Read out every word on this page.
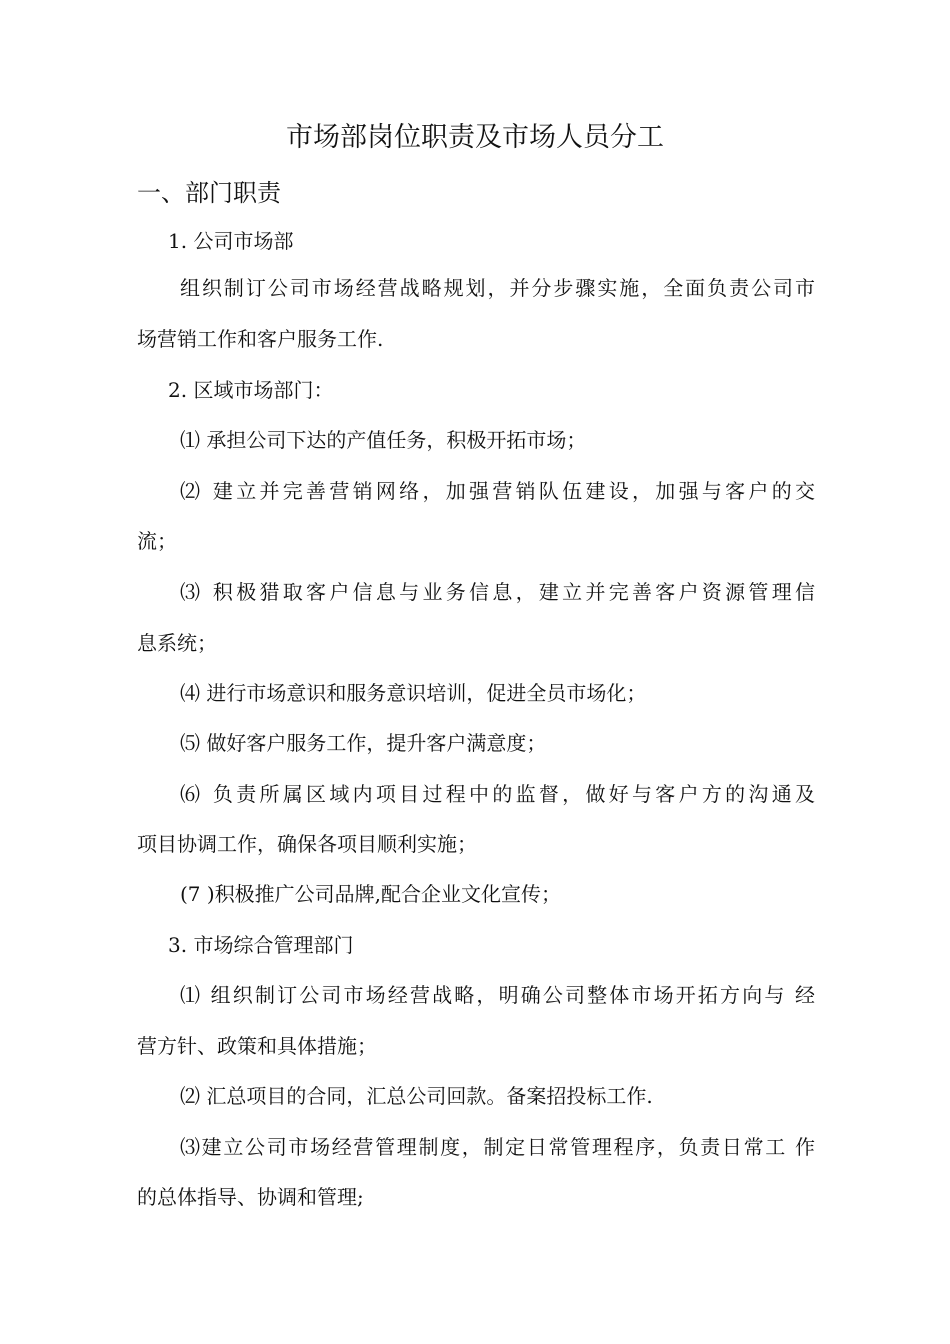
市场部岗位职责及市场人员分工
一、部门职责
1. 公司市场部
组织制订公司市场经营战略规划，并分步骤实施，全面负责公司市
场营销工作和客户服务工作.
2. 区域市场部门：
⑴ 承担公司下达的产值任务，积极开拓市场；
⑵ 建立并完善营销网络，加强营销队伍建设，加强与客户的交
流；
⑶ 积极猎取客户信息与业务信息，建立并完善客户资源管理信
息系统；
⑷ 进行市场意识和服务意识培训，促进全员市场化；
⑸ 做好客户服务工作，提升客户满意度；
⑹ 负责所属区域内项目过程中的监督，做好与客户方的沟通及
项目协调工作，确保各项目顺利实施；
(7 )积极推广公司品牌,配合企业文化宣传；
3. 市场综合管理部门
⑴ 组织制订公司市场经营战略，明确公司整体市场开拓方向与 经
营方针、政策和具体措施；
⑵ 汇总项目的合同，汇总公司回款。备案招投标工作.
⑶建立公司市场经营管理制度，制定日常管理程序，负责日常工 作
的总体指导、协调和管理;
